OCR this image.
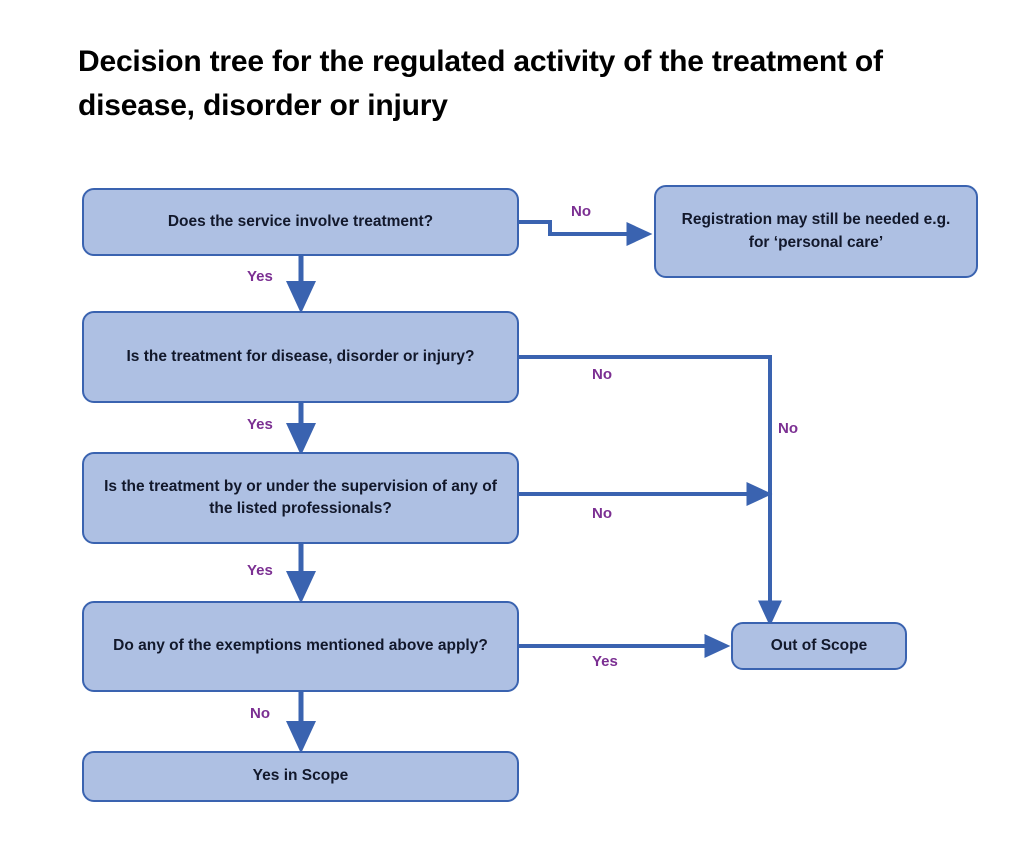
Decision tree for the regulated activity of the treatment of disease, disorder or injury
Does the service involve treatment?	Registration may still be needed e.g. for ‘personal care’
Is the treatment for disease, disorder or injury?
Is the treatment by or under the supervision of any of the listed professionals?
Do any of the exemptions mentioned above apply?	Out of Scope
Yes in Scope
No
Yes
No
Yes	No
No
Yes
Yes
No
